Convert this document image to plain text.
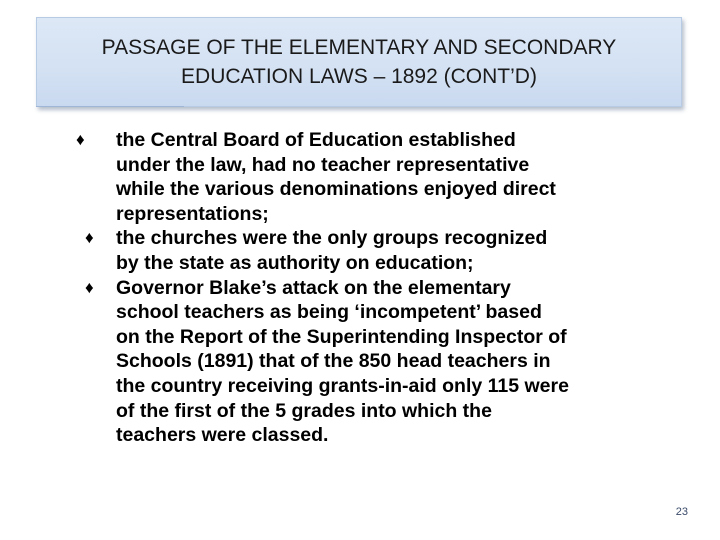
PASSAGE OF THE ELEMENTARY AND SECONDARY
EDUCATION LAWS – 1892 (CONT’D)
♦ the Central Board of Education established
under the law, had no teacher representative
while the various denominations enjoyed direct
representations;
♦ the churches were the only groups recognized
by the state as authority on education;
♦ Governor Blake’s attack on the elementary
school teachers as being ‘incompetent’ based
on the Report of the Superintending Inspector of
Schools (1891) that of the 850 head teachers in
the country receiving grants-in-aid only 115 were
of the first of the 5 grades into which the
teachers were classed.
23
